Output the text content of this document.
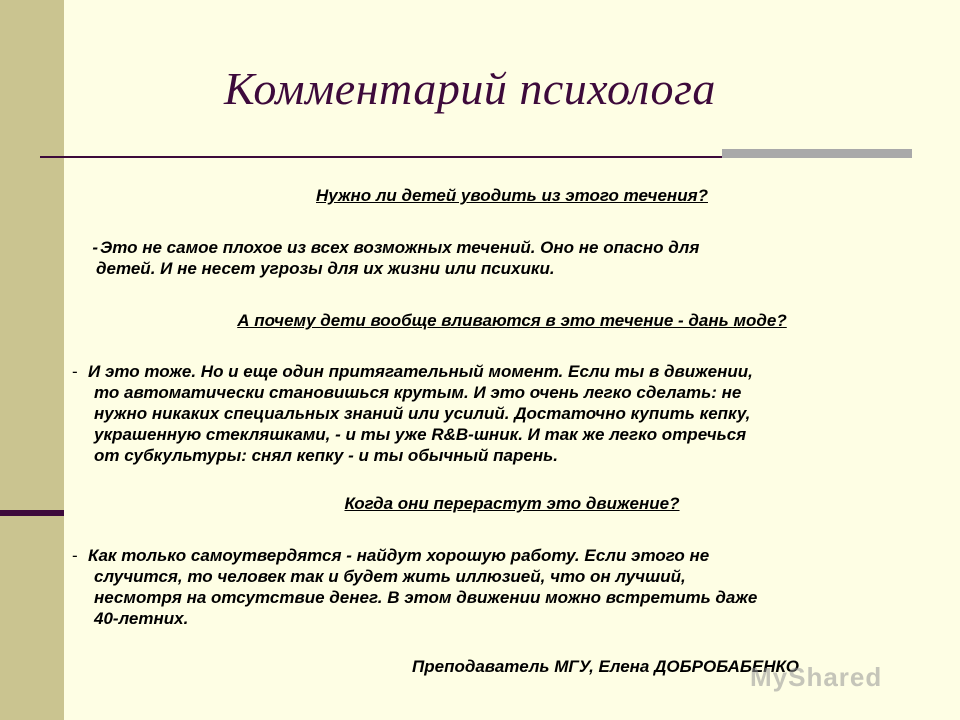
Комментарий психолога
Нужно ли детей уводить из этого течения?
- Это не самое плохое из всех возможных течений. Оно не опасно для
детей. И не несет угрозы для их жизни или психики.
А почему дети вообще вливаются в это течение - дань моде?
- И это тоже. Но и еще один притягательный момент. Если ты в движении,
то автоматически становишься крутым. И это очень легко сделать: не
нужно никаких специальных знаний или усилий. Достаточно купить кепку,
украшенную стекляшками, - и ты уже R&B-шник. И так же легко отречься
от субкультуры: снял кепку - и ты обычный парень.
Когда они перерастут это движение?
- Как только самоутвердятся - найдут хорошую работу. Если этого не
случится, то человек так и будет жить иллюзией, что он лучший,
несмотря на отсутствие денег. В этом движении можно встретить даже
40-летних.
Преподаватель МГУ, Елена ДОБРОБАБЕНКО
MyShared
